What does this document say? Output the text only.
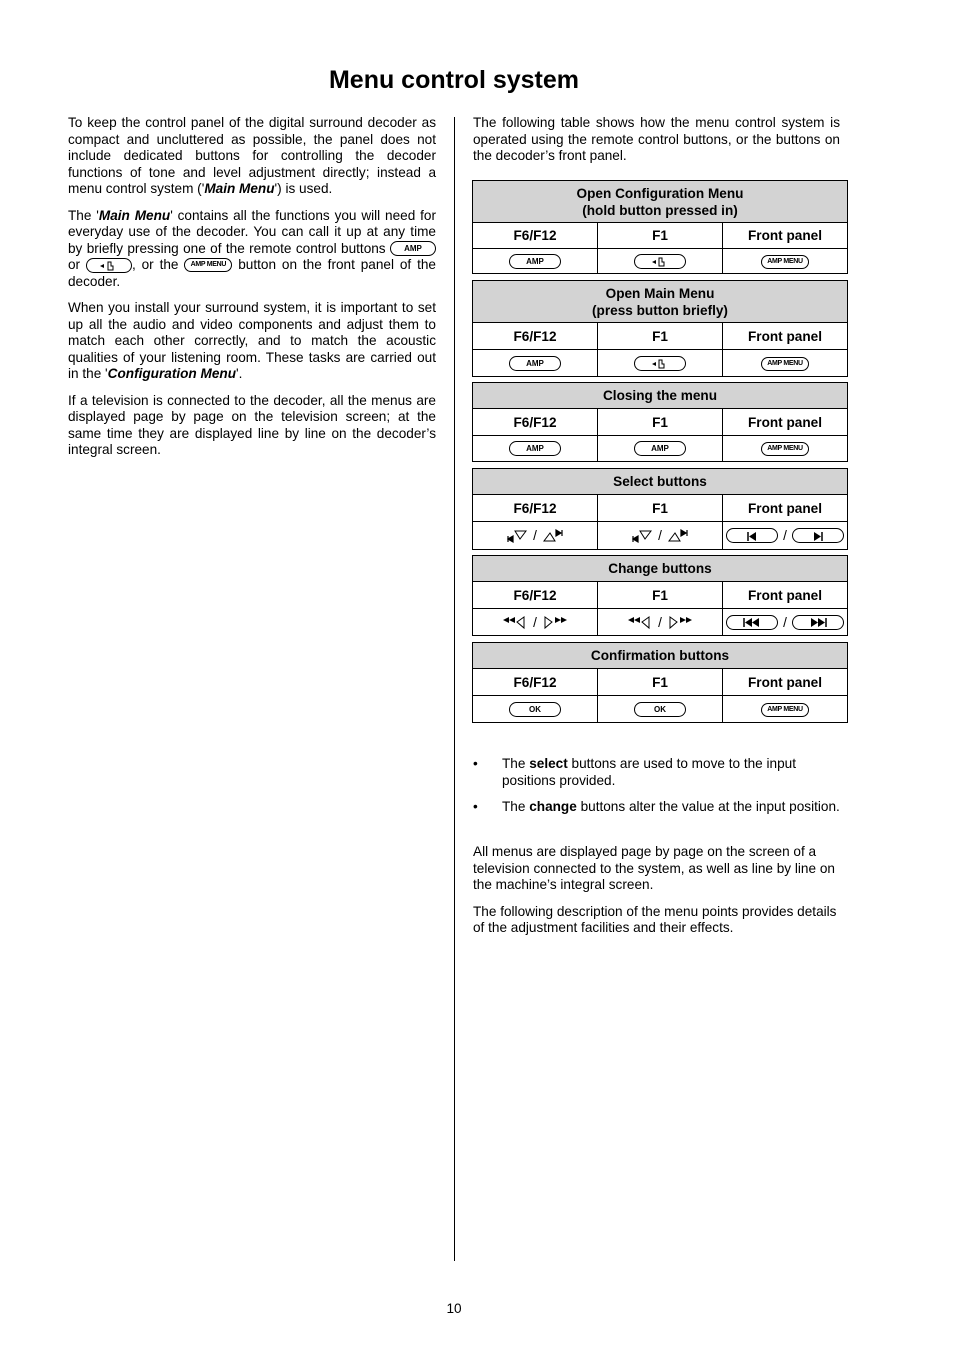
Menu control system

To keep the control panel of the digital surround decoder as compact and uncluttered as possible, the panel does not include dedicated buttons for controlling the decoder functions of tone and level adjustment directly; instead a menu control system ('Main Menu') is used.

The 'Main Menu' contains all the functions you will need for everyday use of the decoder. You can call it up at any time by briefly pressing one of the remote control buttons AMP or	, or the AMP MENU button on the front panel of the decoder.

When you install your surround system, it is important to set up all the audio and video components and adjust them to match each other correctly, and to match the acoustic qualities of your listening room. These tasks are carried out in the 'Configuration Menu'.

If a television is connected to the decoder, all the menus are displayed page by page on the television screen; at the same time they are displayed line by line on the decoder’s integral screen.

The following table shows how the menu control system is operated using the remote control buttons, or the buttons on the decoder’s front panel.

Open Configuration Menu
(hold button pressed in)		
F6/F12	F1	Front panel
AMP		AMP MENU
Open Main Menu
(press button briefly)		
F6/F12	F1	Front panel
AMP		AMP MENU
Closing the menu		
F6/F12	F1	Front panel
AMP	AMP	AMP MENU
Select buttons		
F6/F12	F1	Front panel
/	/	/
Change buttons		
F6/F12	F1	Front panel
/	/	/
Confirmation buttons		
F6/F12	F1	Front panel
OK	OK	AMP MENU
• The select buttons are used to move to the input positions provided.
• The change buttons alter the value at the input position.

All menus are displayed page by page on the screen of a television connected to the system, as well as line by line on the machine’s integral screen.

The following description of the menu points provides details of the adjustment facilities and their effects.

10
